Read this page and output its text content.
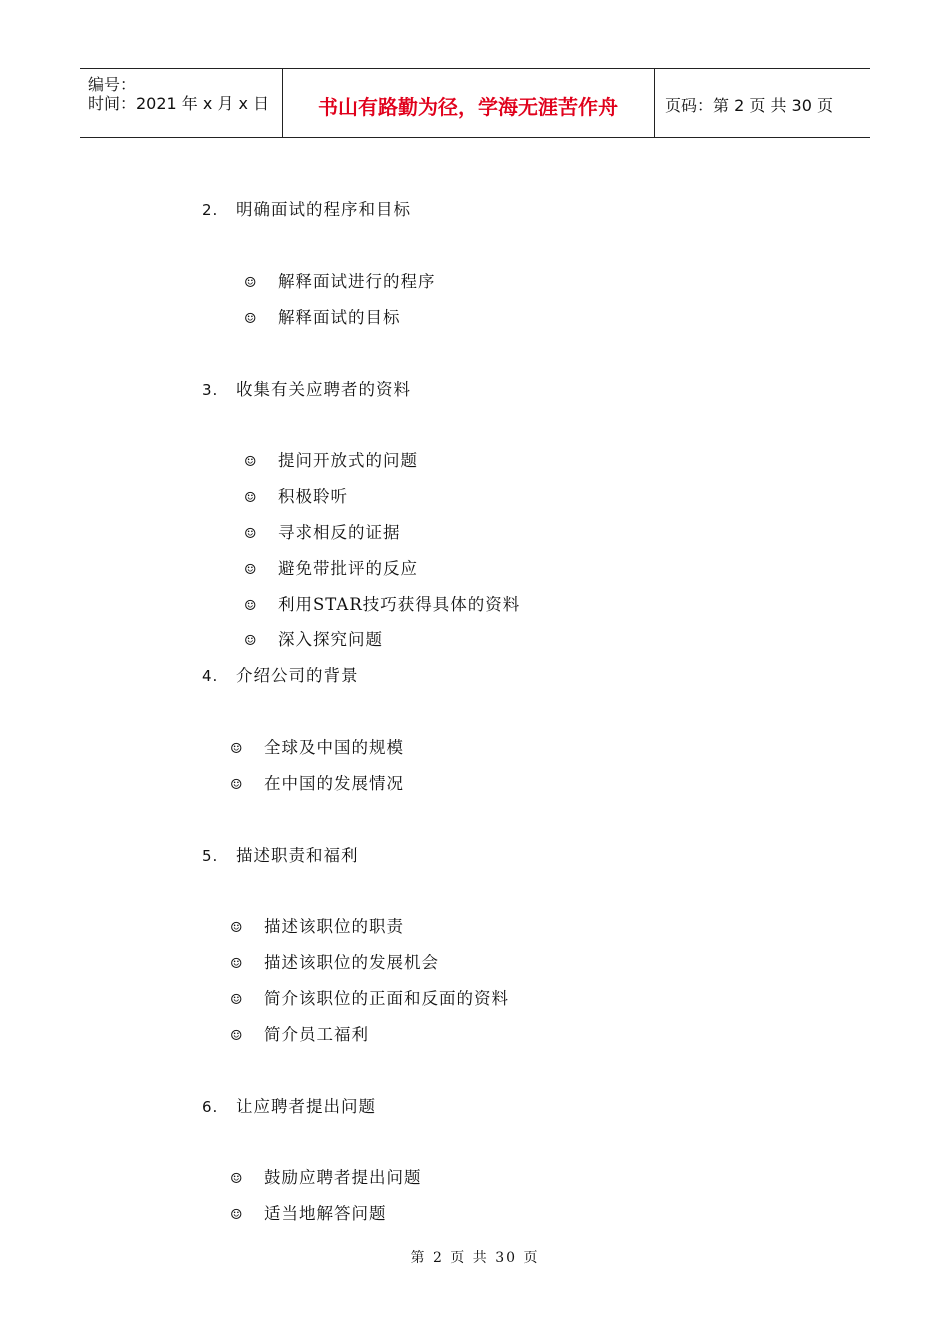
编号：
时间：2021 年 x 月 x 日	书山有路勤为径，学海无涯苦作舟	页码：第 2 页 共 30 页
2. 明确面试的程序和目标
☺ 解释面试进行的程序
☺ 解释面试的目标
3. 收集有关应聘者的资料
☺ 提问开放式的问题
☺ 积极聆听
☺ 寻求相反的证据
☺ 避免带批评的反应
☺ 利用STAR技巧获得具体的资料
☺ 深入探究问题
4. 介绍公司的背景
☺ 全球及中国的规模
☺ 在中国的发展情况
5. 描述职责和福利
☺ 描述该职位的职责
☺ 描述该职位的发展机会
☺ 简介该职位的正面和反面的资料
☺ 简介员工福利
6. 让应聘者提出问题
☺ 鼓励应聘者提出问题
☺ 适当地解答问题
第 2 页 共 30 页
